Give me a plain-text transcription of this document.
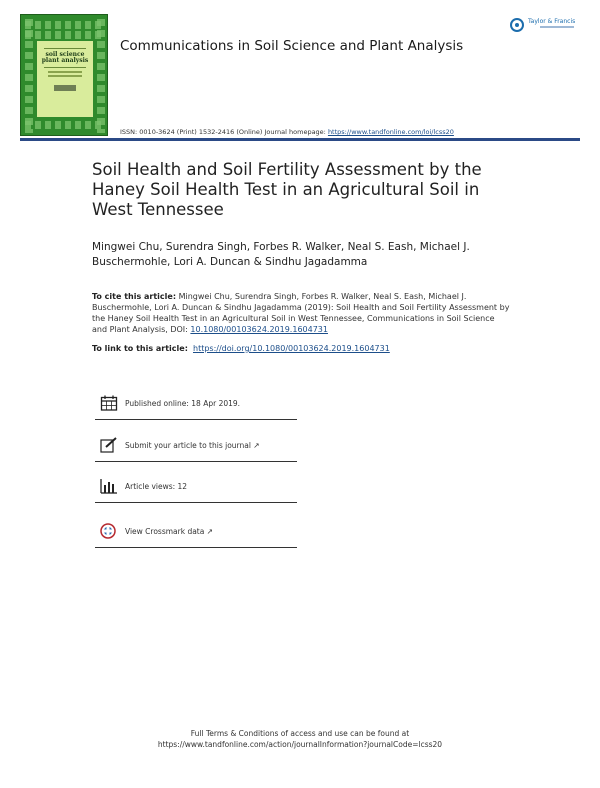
soil science plant analysis
Communications in Soil Science and Plant Analysis
Taylor & Francis
ISSN: 0010-3624 (Print) 1532-2416 (Online) Journal homepage: https://www.tandfonline.com/loi/lcss20
Soil Health and Soil Fertility Assessment by the Haney Soil Health Test in an Agricultural Soil in West Tennessee
Mingwei Chu, Surendra Singh, Forbes R. Walker, Neal S. Eash, Michael J. Buschermohle, Lori A. Duncan & Sindhu Jagadamma
To cite this article: Mingwei Chu, Surendra Singh, Forbes R. Walker, Neal S. Eash, Michael J. Buschermohle, Lori A. Duncan & Sindhu Jagadamma (2019): Soil Health and Soil Fertility Assessment by the Haney Soil Health Test in an Agricultural Soil in West Tennessee, Communications in Soil Science and Plant Analysis, DOI: 10.1080/00103624.2019.1604731
To link to this article: https://doi.org/10.1080/00103624.2019.1604731
Published online: 18 Apr 2019.
Submit your article to this journal ↗
Article views: 12
View Crossmark data ↗
Full Terms & Conditions of access and use can be found at
https://www.tandfonline.com/action/journalInformation?journalCode=lcss20
